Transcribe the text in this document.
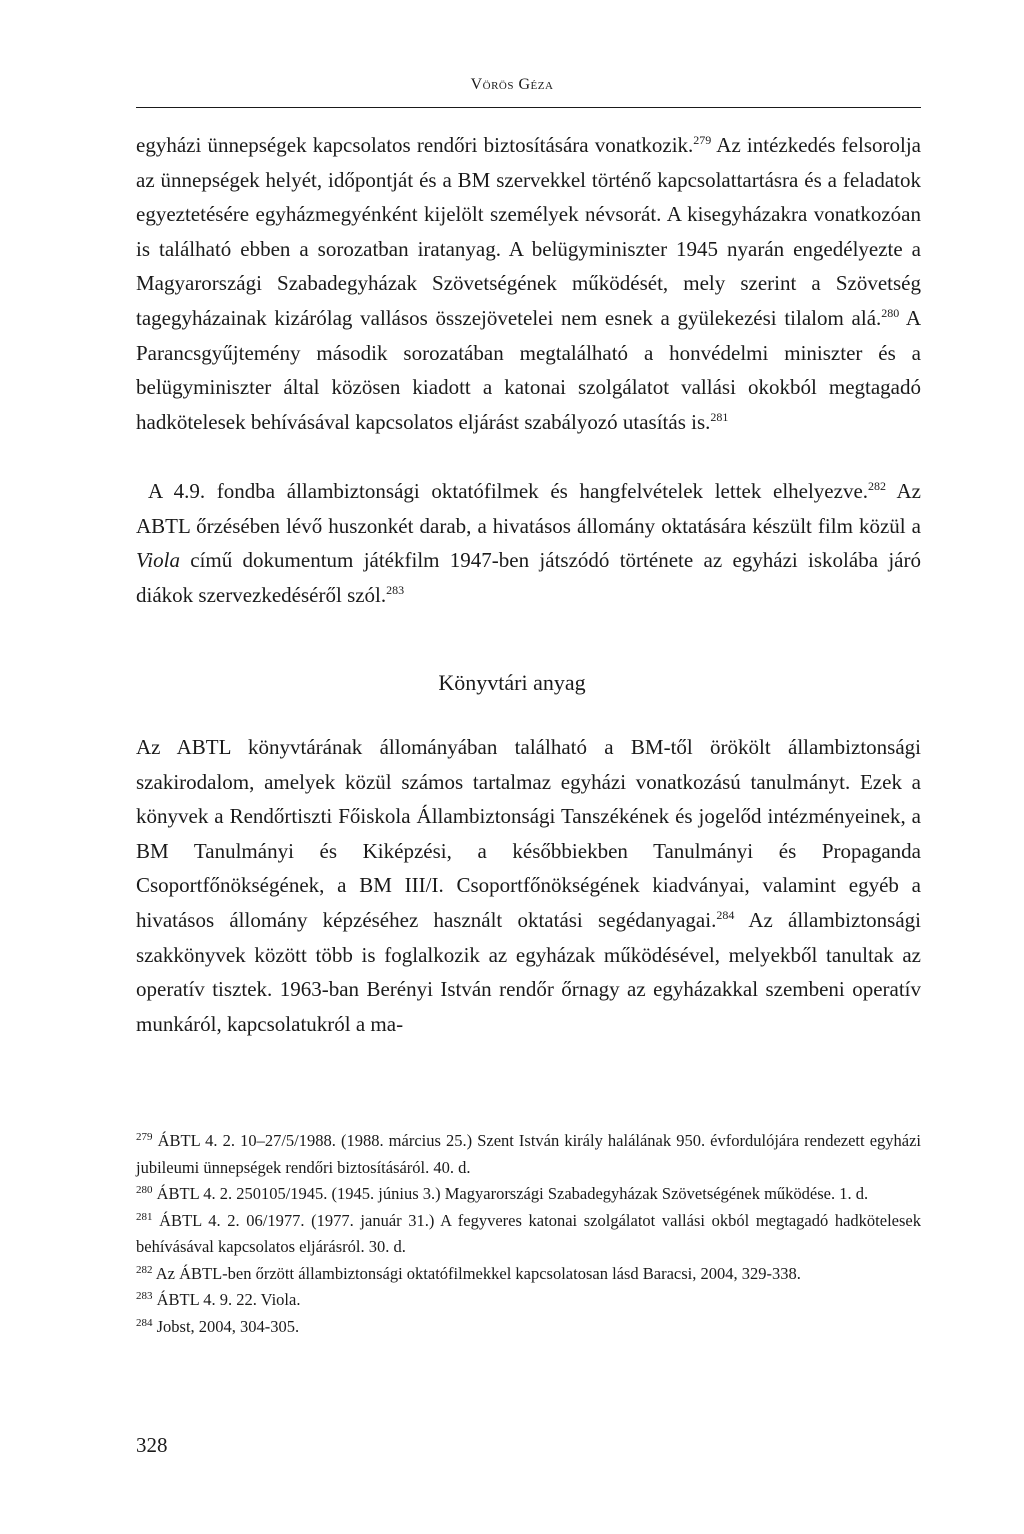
Vörös Géza

egyházi ünnepségek kapcsolatos rendőri biztosítására vonatkozik.$^{279}$ Az intézkedés felsorolja az ünnepségek helyét, időpontját és a BM szervekkel történő kapcsolattartásra és a feladatok egyeztetésére egyházmegyénként kijelölt személyek névsorát. A kisegyházakra vonatkozóan is található ebben a sorozatban iratanyag. A belügyminiszter 1945 nyarán engedélyezte a Magyarországi Szabadegyházak Szövetségének működését, mely szerint a Szövetség tagegyházainak kizárólag vallásos összejövetelei nem esnek a gyülekezési tilalom alá.$^{280}$ A Parancsgyűjtemény második sorozatában megtalálható a honvédelmi miniszter és a belügyminiszter által közösen kiadott a katonai szolgálatot vallási okokból megtagadó hadkötelesek behívásával kapcsolatos eljárást szabályozó utasítás is.$^{281}$

A 4.9. fondba állambiztonsági oktatófilmek és hangfelvételek lettek elhelyezve.$^{282}$ Az ABTL őrzésében lévő huszonkét darab, a hivatásos állomány oktatására készült film közül a Viola című dokumentum játékfilm 1947-ben játszódó története az egyházi iskolába járó diákok szervezkedéséről szól.$^{283}$

Könyvtári anyag

Az ABTL könyvtárának állományában található a BM-től örökölt állambiztonsági szakirodalom, amelyek közül számos tartalmaz egyházi vonatkozású tanulmányt. Ezek a könyvek a Rendőrtiszti Főiskola Állambiztonsági Tanszékének és jogelőd intézményeinek, a BM Tanulmányi és Kiképzési, a későbbiekben Tanulmányi és Propaganda Csoportfőnökségének, a BM III/I. Csoportfőnökségének kiadványai, valamint egyéb a hivatásos állomány képzéséhez használt oktatási segédanyagai.$^{284}$ Az állambiztonsági szakkönyvek között több is foglalkozik az egyházak működésével, melyekből tanultak az operatív tisztek. 1963-ban Berényi István rendőr őrnagy az egyházakkal szembeni operatív munkáról, kapcsolatukról a ma-

$^{279}$ ÁBTL 4. 2. 10–27/5/1988. (1988. március 25.) Szent István király halálának 950. évfordulójára rendezett egyházi jubileumi ünnepségek rendőri biztosításáról. 40. d.

$^{280}$ ÁBTL 4. 2. 250105/1945. (1945. június 3.) Magyarországi Szabadegyházak Szövetségének működése. 1. d.

$^{281}$ ÁBTL 4. 2. 06/1977. (1977. január 31.) A fegyveres katonai szolgálatot vallási okból megtagadó hadkötelesek behívásával kapcsolatos eljárásról. 30. d.

$^{282}$ Az ÁBTL-ben őrzött állambiztonsági oktatófilmekkel kapcsolatosan lásd Baracsi, 2004, 329-338.

$^{283}$ ÁBTL 4. 9. 22. Viola.

$^{284}$ Jobst, 2004, 304-305.

328
